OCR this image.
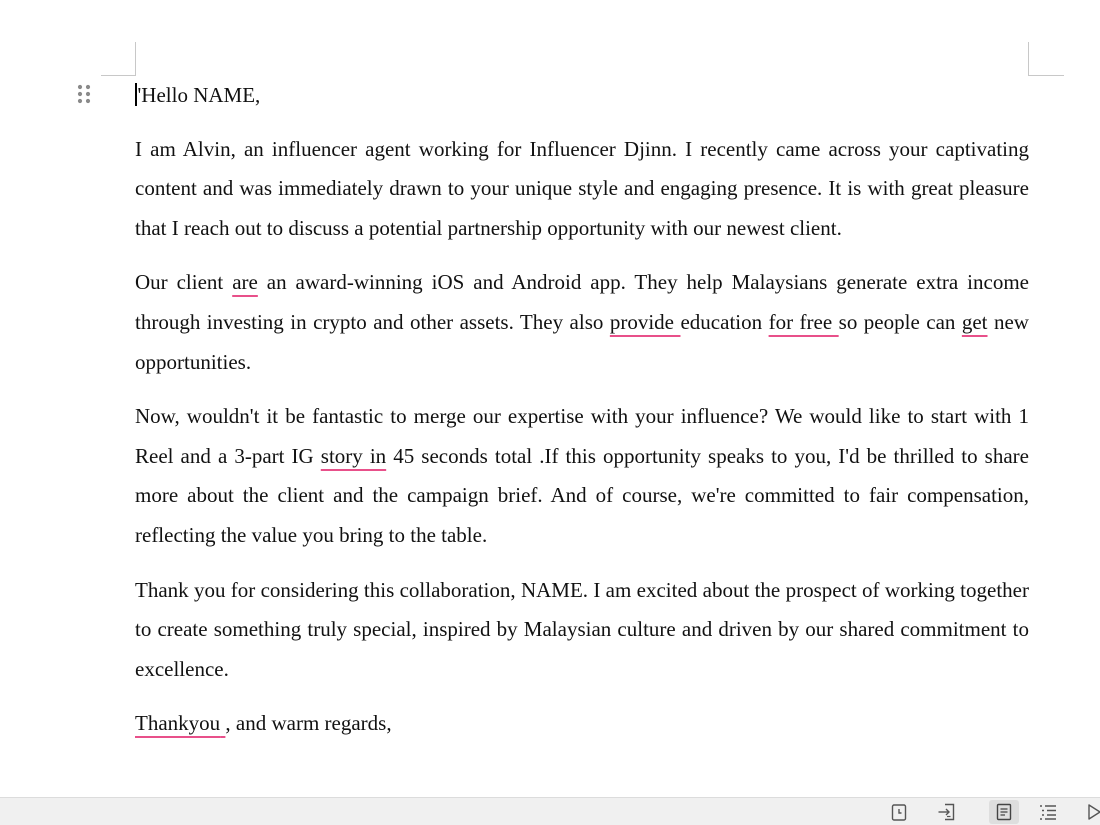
'Hello NAME,

I am Alvin, an influencer agent working for Influencer Djinn. I recently came across your captivating content and was immediately drawn to your unique style and engaging presence. It is with great pleasure that I reach out to discuss a potential partnership opportunity with our newest client.

Our client are an award-winning iOS and Android app. They help Malaysians generate extra income through investing in crypto and other assets. They also provide education for free so people can get new opportunities.

Now, wouldn't it be fantastic to merge our expertise with your influence? We would like to start with 1 Reel and a 3-part IG story in 45 seconds total .If this opportunity speaks to you, I'd be thrilled to share more about the client and the campaign brief. And of course, we're committed to fair compensation, reflecting the value you bring to the table.

Thank you for considering this collaboration, NAME. I am excited about the prospect of working together to create something truly special, inspired by Malaysian culture and driven by our shared commitment to excellence.

Thankyou , and warm regards,
